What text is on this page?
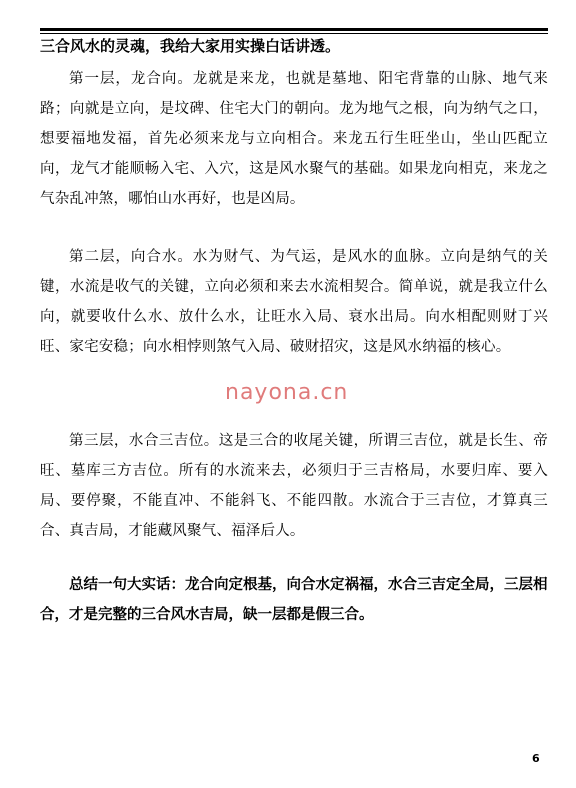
三合风水的灵魂，我给大家用实操白话讲透。

第一层，龙合向。龙就是来龙，也就是墓地、阳宅背靠的山脉、地气来路；向就是立向，是坟碑、住宅大门的朝向。龙为地气之根，向为纳气之口，想要福地发福，首先必须来龙与立向相合。来龙五行生旺坐山，坐山匹配立向，龙气才能顺畅入宅、入穴，这是风水聚气的基础。如果龙向相克，来龙之气杂乱冲煞，哪怕山水再好，也是凶局。

第二层，向合水。水为财气、为气运，是风水的血脉。立向是纳气的关键，水流是收气的关键，立向必须和来去水流相契合。简单说，就是我立什么向，就要收什么水、放什么水，让旺水入局、衰水出局。向水相配则财丁兴旺、家宅安稳；向水相悖则煞气入局、破财招灾，这是风水纳福的核心。

第三层，水合三吉位。这是三合的收尾关键，所谓三吉位，就是长生、帝旺、墓库三方吉位。所有的水流来去，必须归于三吉格局，水要归库、要入局、要停聚，不能直冲、不能斜飞、不能四散。水流合于三吉位，才算真三合、真吉局，才能藏风聚气、福泽后人。

nayona.cn

总结一句大实话：龙合向定根基，向合水定祸福，水合三吉定全局，三层相合，才是完整的三合风水吉局，缺一层都是假三合。

6
